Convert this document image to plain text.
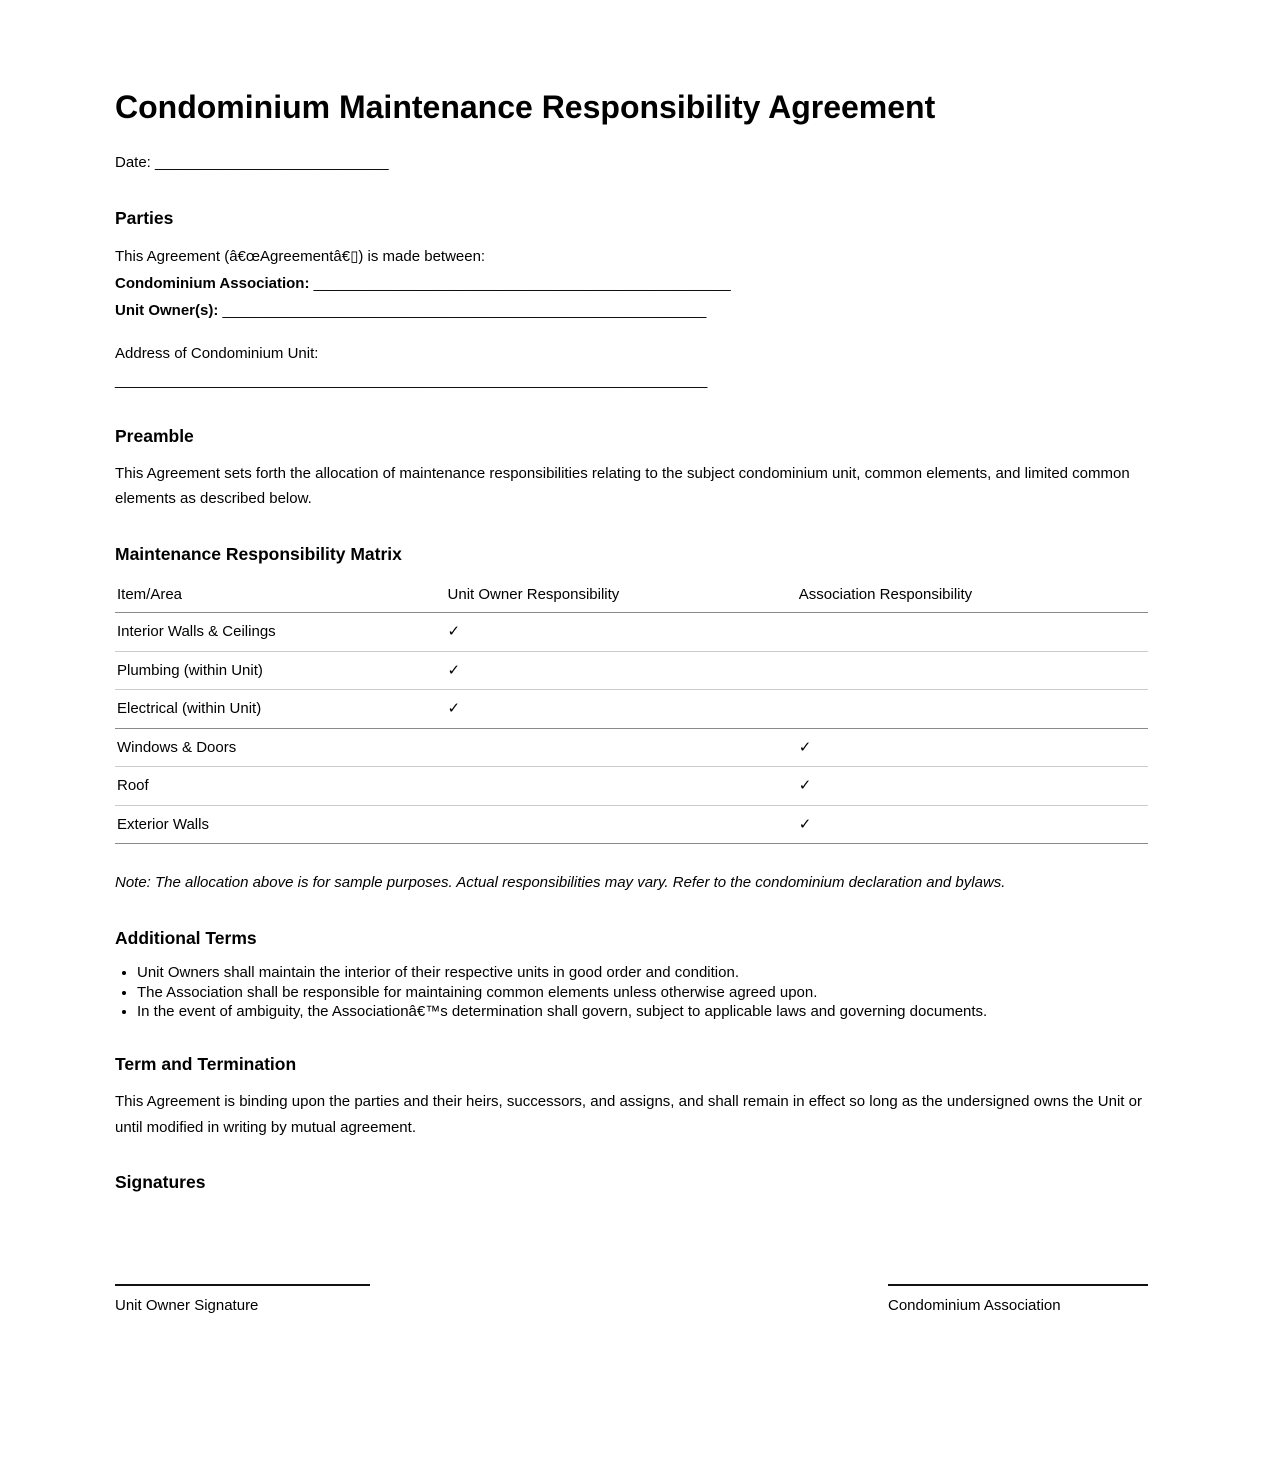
Condominium Maintenance Responsibility Agreement

Date: ____________________________

Parties

This Agreement (â€œAgreementâ€▯) is made between:
Condominium Association: __________________________________________________
Unit Owner(s): __________________________________________________________

Address of Condominium Unit:
_______________________________________________________________________

Preamble

This Agreement sets forth the allocation of maintenance responsibilities relating to the subject condominium unit, common elements, and limited common elements as described below.

Maintenance Responsibility Matrix
Item/Area	Unit Owner Responsibility	Association Responsibility
Interior Walls & Ceilings	✓	
Plumbing (within Unit)	✓	
Electrical (within Unit)	✓	
Windows & Doors		✓
Roof		✓
Exterior Walls		✓

Note: The allocation above is for sample purposes. Actual responsibilities may vary. Refer to the condominium declaration and bylaws.

Additional Terms
• Unit Owners shall maintain the interior of their respective units in good order and condition.
• The Association shall be responsible for maintaining common elements unless otherwise agreed upon.
• In the event of ambiguity, the Associationâ€™s determination shall govern, subject to applicable laws and governing documents.
Term and Termination

This Agreement is binding upon the parties and their heirs, successors, and assigns, and shall remain in effect so long as the undersigned owns the Unit or until modified in writing by mutual agreement.

Signatures
Unit Owner Signature	Condominium Association
